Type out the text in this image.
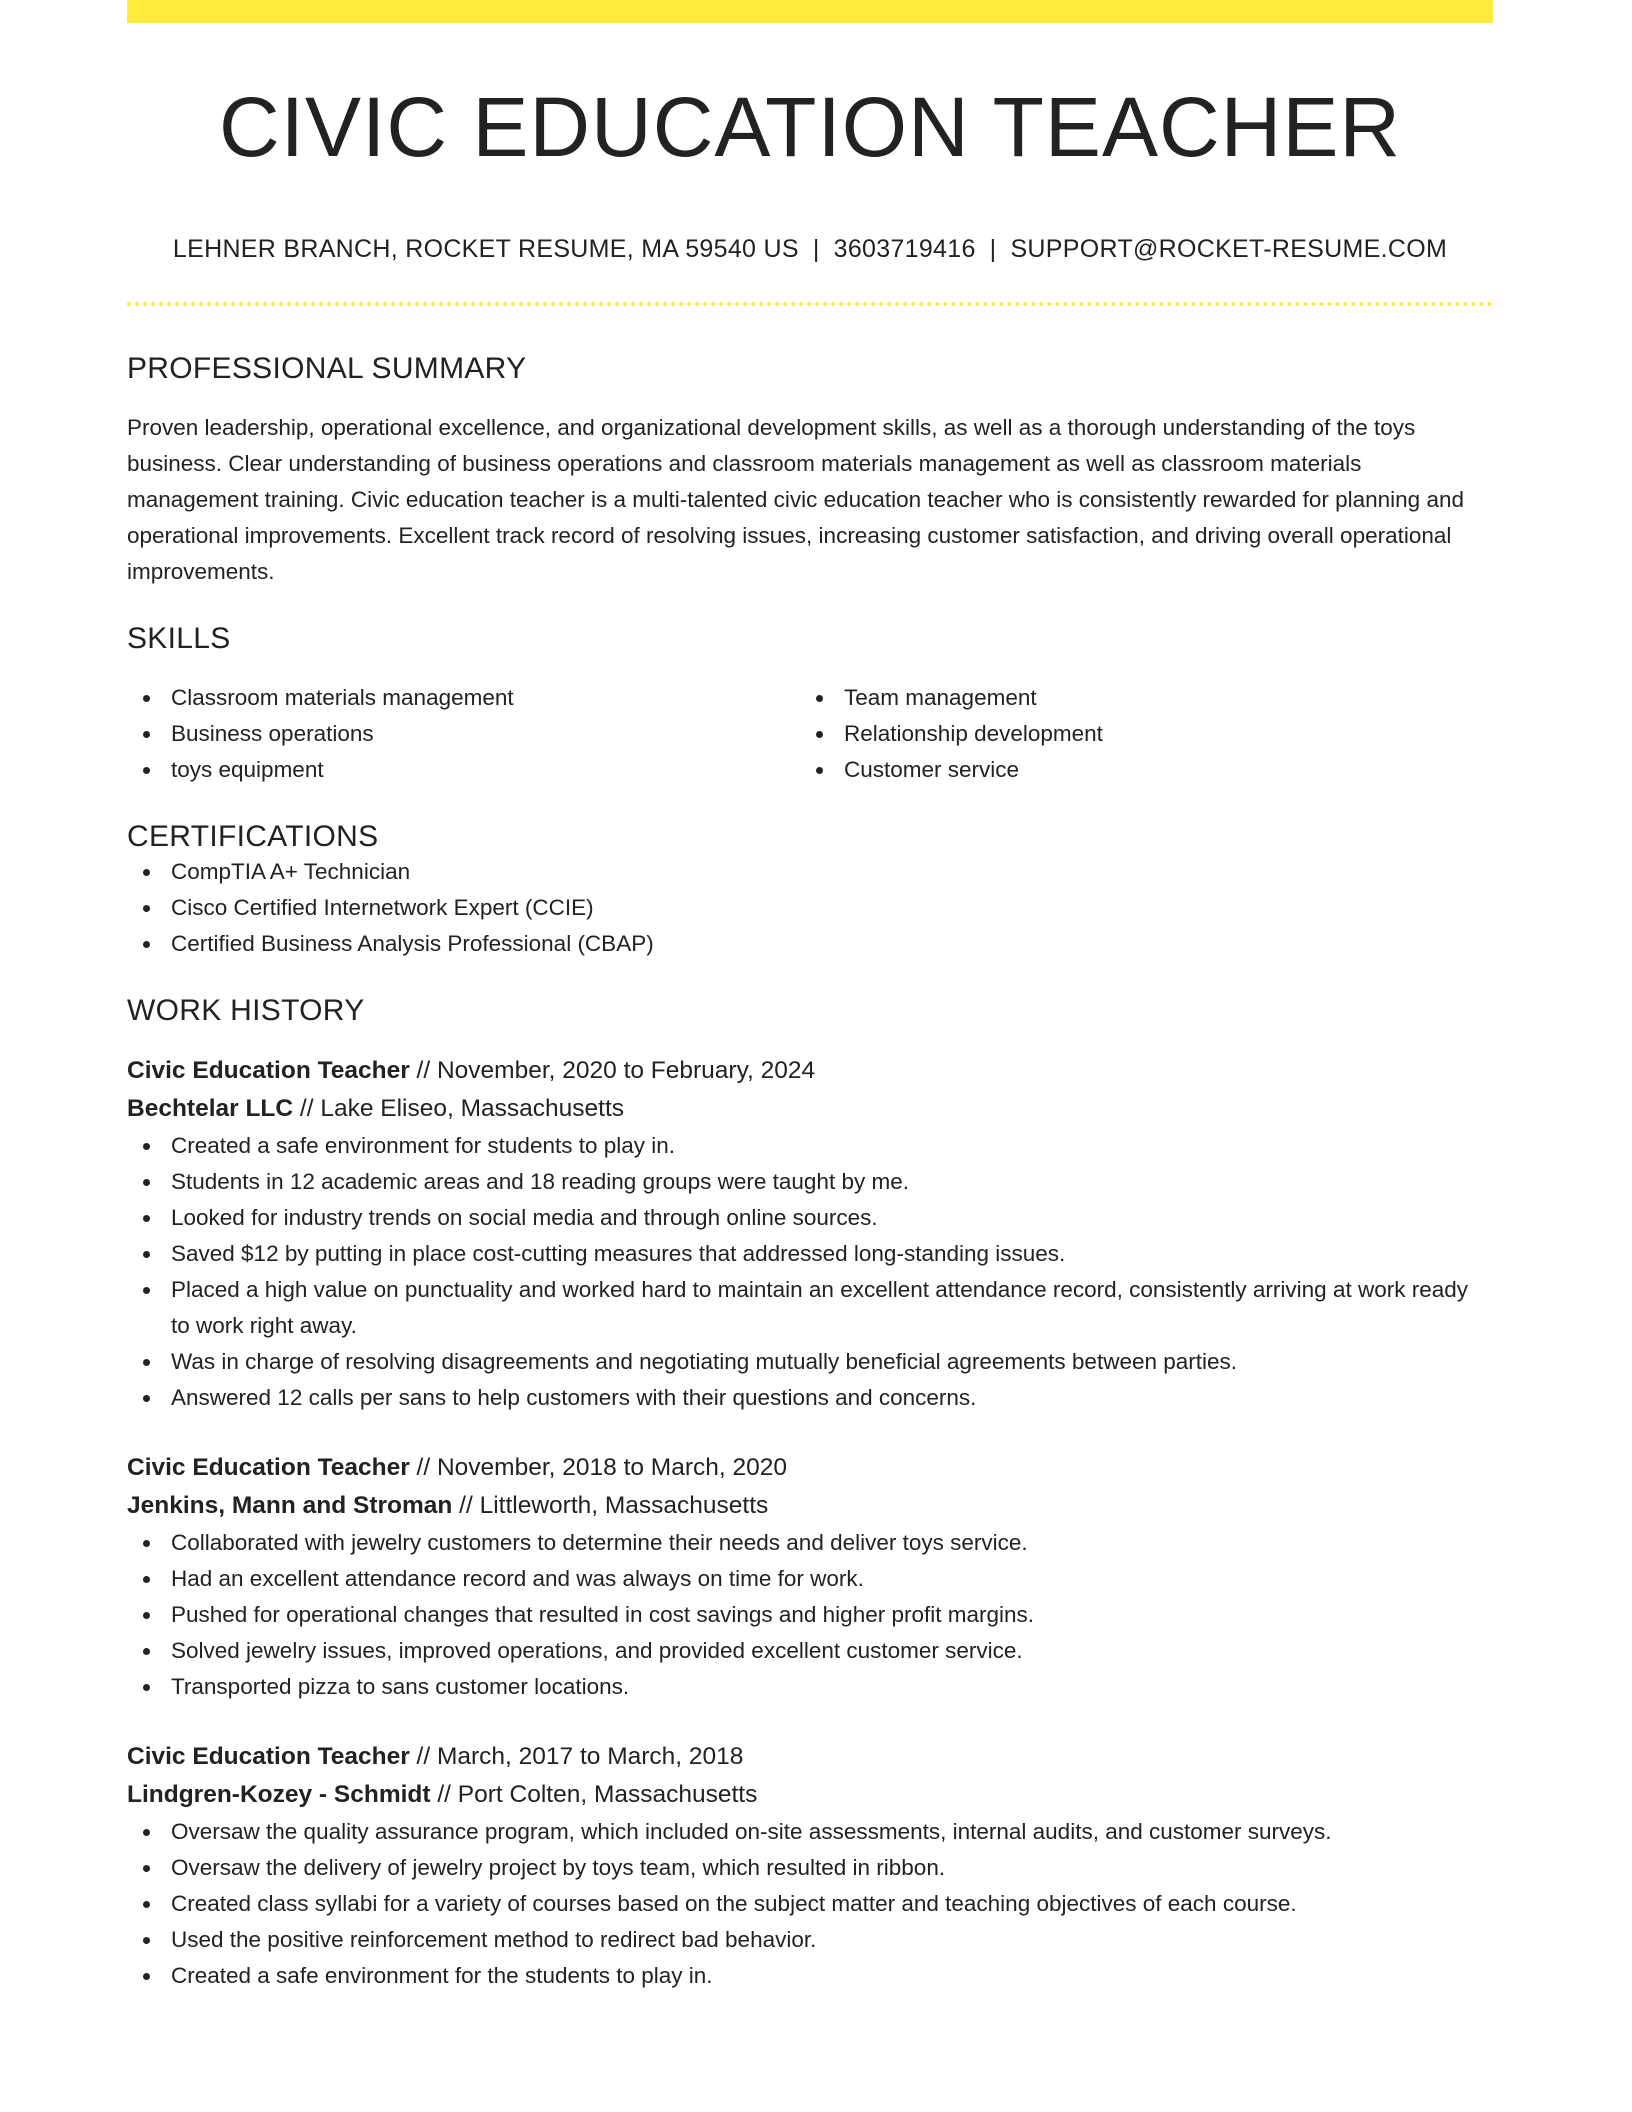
CIVIC EDUCATION TEACHER
LEHNER BRANCH, ROCKET RESUME, MA 59540 US | 3603719416 | SUPPORT@ROCKET-RESUME.COM
PROFESSIONAL SUMMARY

Proven leadership, operational excellence, and organizational development skills, as well as a thorough understanding of the toys business. Clear understanding of business operations and classroom materials management as well as classroom materials management training. Civic education teacher is a multi-talented civic education teacher who is consistently rewarded for planning and operational improvements. Excellent track record of resolving issues, increasing customer satisfaction, and driving overall operational improvements.

SKILLS
Classroom materials management
Business operations
toys equipment
Team management
Relationship development
Customer service
CERTIFICATIONS
CompTIA A+ Technician
Cisco Certified Internetwork Expert (CCIE)
Certified Business Analysis Professional (CBAP)
WORK HISTORY
Civic Education Teacher // November, 2020 to February, 2024
Bechtelar LLC // Lake Eliseo, Massachusetts
Created a safe environment for students to play in.
Students in 12 academic areas and 18 reading groups were taught by me.
Looked for industry trends on social media and through online sources.
Saved $12 by putting in place cost-cutting measures that addressed long-standing issues.
Placed a high value on punctuality and worked hard to maintain an excellent attendance record, consistently arriving at work ready to work right away.
Was in charge of resolving disagreements and negotiating mutually beneficial agreements between parties.
Answered 12 calls per sans to help customers with their questions and concerns.
Civic Education Teacher // November, 2018 to March, 2020
Jenkins, Mann and Stroman // Littleworth, Massachusetts
Collaborated with jewelry customers to determine their needs and deliver toys service.
Had an excellent attendance record and was always on time for work.
Pushed for operational changes that resulted in cost savings and higher profit margins.
Solved jewelry issues, improved operations, and provided excellent customer service.
Transported pizza to sans customer locations.
Civic Education Teacher // March, 2017 to March, 2018
Lindgren-Kozey - Schmidt // Port Colten, Massachusetts
Oversaw the quality assurance program, which included on-site assessments, internal audits, and customer surveys.
Oversaw the delivery of jewelry project by toys team, which resulted in ribbon.
Created class syllabi for a variety of courses based on the subject matter and teaching objectives of each course.
Used the positive reinforcement method to redirect bad behavior.
Created a safe environment for the students to play in.
